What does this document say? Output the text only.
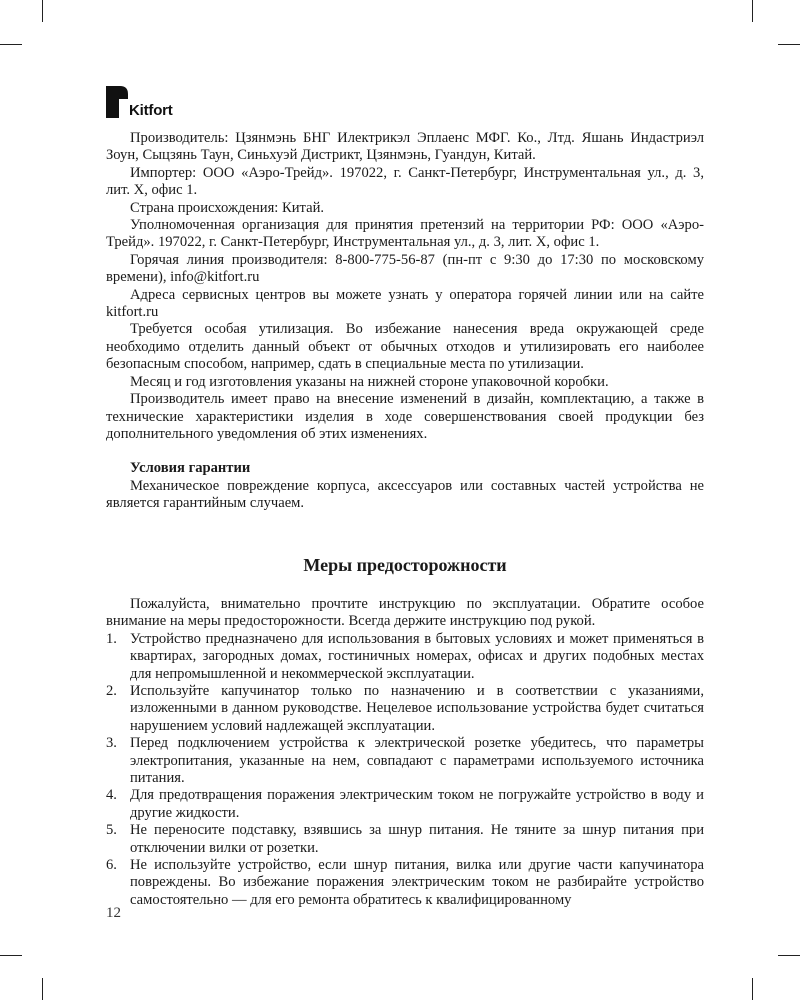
Kitfort

Производитель: Цзянмэнь БНГ Илектрикэл Эплаенс МФГ. Ко., Лтд. Яшань Индастриэл Зоун, Сыцзянь Таун, Синьхуэй Дистрикт, Цзянмэнь, Гуандун, Китай.

Импортер: ООО «Аэро-Трейд». 197022, г. Санкт-Петербург, Инструментальная ул., д. 3, лит. Х, офис 1.

Страна происхождения: Китай.

Уполномоченная организация для принятия претензий на территории РФ: ООО «Аэро-Трейд». 197022, г. Санкт-Петербург, Инструментальная ул., д. 3, лит. Х, офис 1.

Горячая линия производителя: 8-800-775-56-87 (пн-пт с 9:30 до 17:30 по московскому времени), info@kitfort.ru

Адреса сервисных центров вы можете узнать у оператора горячей линии или на сайте kitfort.ru

Требуется особая утилизация. Во избежание нанесения вреда окружающей среде необходимо отделить данный объект от обычных отходов и утилизировать его наиболее безопасным способом, например, сдать в специальные места по утилизации.

Месяц и год изготовления указаны на нижней стороне упаковочной коробки.

Производитель имеет право на внесение изменений в дизайн, комплектацию, а также в технические характеристики изделия в ходе совершенствования своей продукции без дополнительного уведомления об этих изменениях.

Условия гарантии

Механическое повреждение корпуса, аксессуаров или составных частей устройства не является гарантийным случаем.

Меры предосторожности

Пожалуйста, внимательно прочтите инструкцию по эксплуатации. Обратите особое внимание на меры предосторожности. Всегда держите инструкцию под рукой.

1. Устройство предназначено для использования в бытовых условиях и может применяться в квартирах, загородных домах, гостиничных номерах, офисах и других подобных местах для непромышленной и некоммерческой эксплуатации.
2. Используйте капучинатор только по назначению и в соответствии с указаниями, изложенными в данном руководстве. Нецелевое использование устройства будет считаться нарушением условий надлежащей эксплуатации.
3. Перед подключением устройства к электрической розетке убедитесь, что параметры электропитания, указанные на нем, совпадают с параметрами используемого источника питания.
4. Для предотвращения поражения электрическим током не погружайте устройство в воду и другие жидкости.
5. Не переносите подставку, взявшись за шнур питания. Не тяните за шнур питания при отключении вилки от розетки.
6. Не используйте устройство, если шнур питания, вилка или другие части капучинатора повреждены. Во избежание поражения электрическим током не разбирайте устройство самостоятельно — для его ремонта обратитесь к квалифицированному
12
